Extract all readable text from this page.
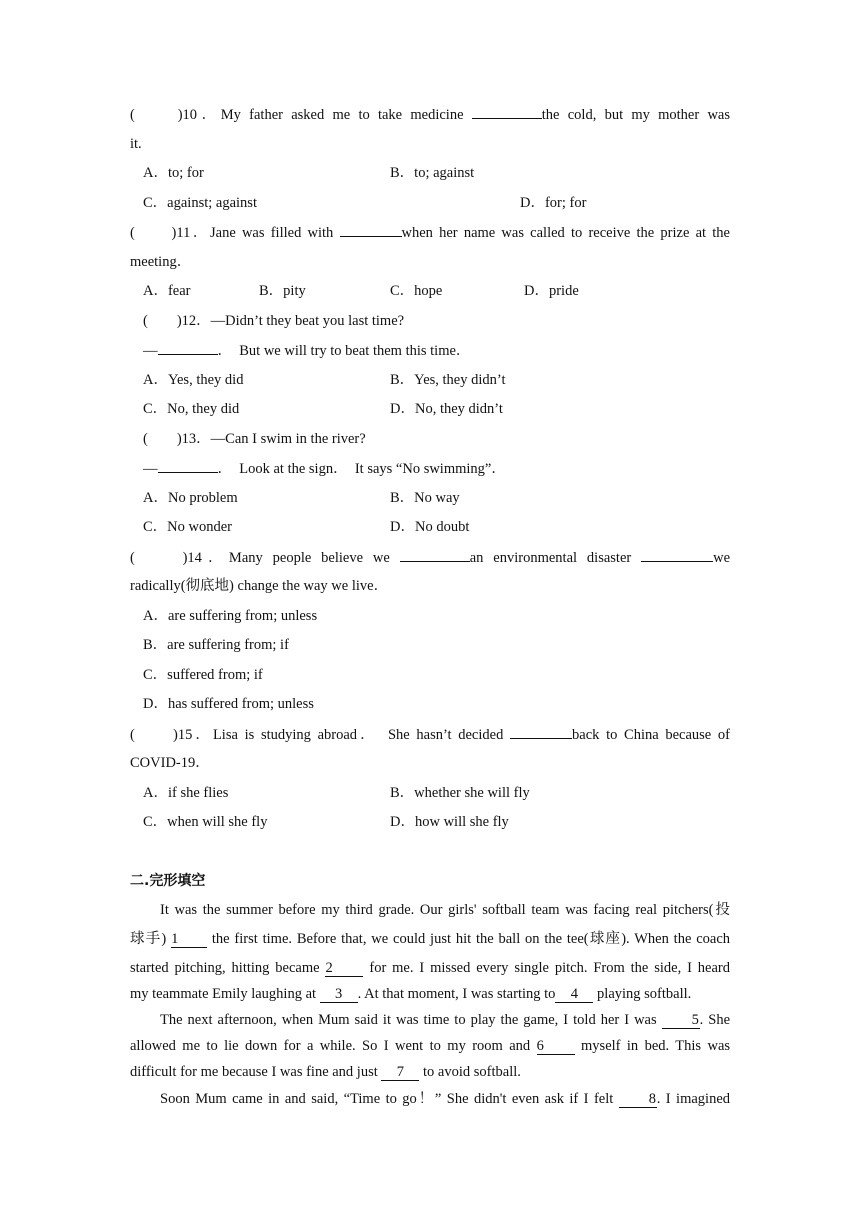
(　　)10．My father asked me to take medicine	the cold, but my mother was
it.
A．to; for	B．to; against
C．against; against	D．for; for
(　　)11．Jane was filled with	when her name was called to receive the prize at the
meeting．
A．fear	B．pity	C．hope	D．pride
(　　)12．—Didn’t they beat you last time?
—	．　But we will try to beat them this time．
A．Yes, they did	B．Yes, they didn’t
C．No, they did	D．No, they didn’t
(　　)13．—Can I swim in the river?
—	．　Look at the sign．　It says “No swimming”．
A．No problem	B．No way
C．No wonder	D．No doubt
(　　)14．Many people believe we	an environmental disaster	we
radically(彻底地) change the way we live．
A．are suffering from; unless
B．are suffering from; if
C．suffered from; if
D．has suffered from; unless
(　　)15．Lisa is studying abroad．　She hasn’t decided	back to China because of
COVID-19．
A．if she flies	B．whether she will fly
C．when will she fly	D．how will she fly
二.完形填空
It was the summer before my third grade. Our girls' softball team was facing real pitchers(投
球手) 1 the first time. Before that, we could just hit the ball on the tee(球座). When the coach
started pitching, hitting became 2	for me. I missed every single pitch. From the side, I heard
my teammate Emily laughing at 3 . At that moment, I was starting to 4 playing softball.
The next afternoon, when Mum said it was time to play the game, I told her I was 5. She
allowed me to lie down for a while. So I went to my room and 6	myself in bed. This was
difficult for me because I was fine and just 7 to avoid softball.
Soon Mum came in and said, “Time to go！” She didn't even ask if I felt 8. I imagined
